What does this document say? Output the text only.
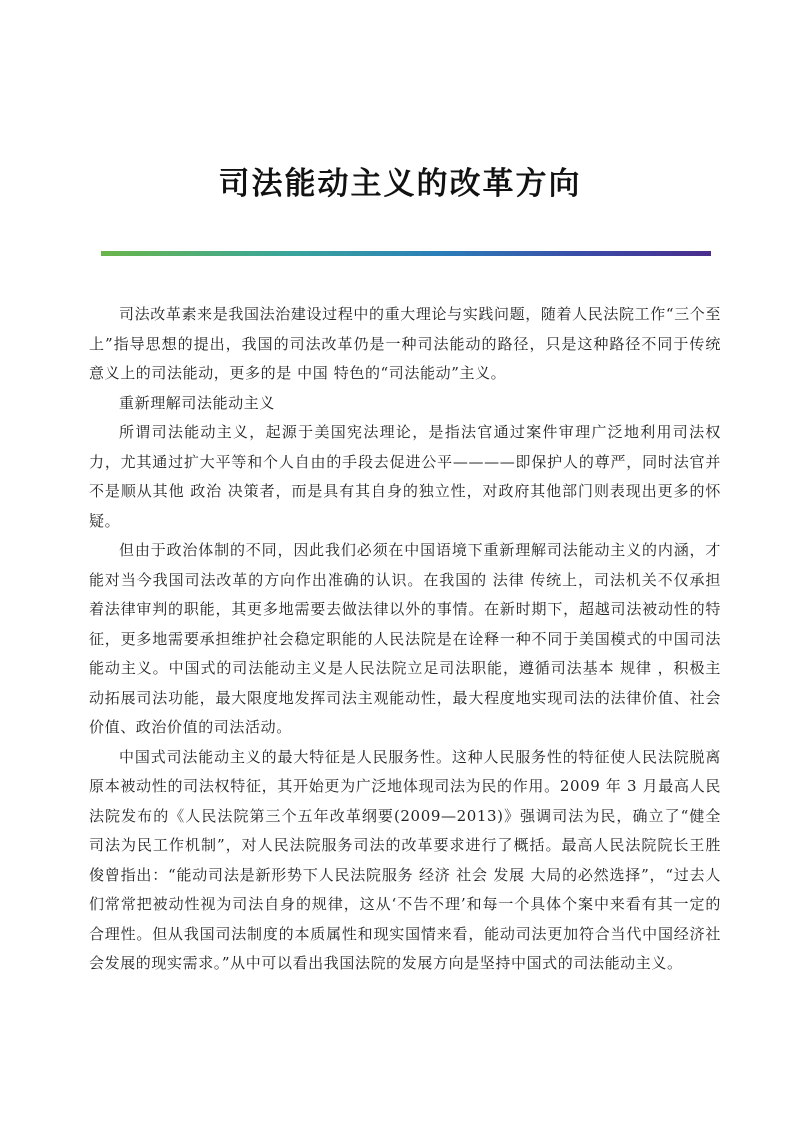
司法能动主义的改革方向

司法改革素来是我国法治建设过程中的重大理论与实践问题，随着人民法院工作“三个至上”指导思想的提出，我国的司法改革仍是一种司法能动的路径，只是这种路径不同于传统意义上的司法能动，更多的是 中国 特色的“司法能动”主义。

重新理解司法能动主义

所谓司法能动主义，起源于美国宪法理论，是指法官通过案件审理广泛地利用司法权力，尤其通过扩大平等和个人自由的手段去促进公平————即保护人的尊严，同时法官并不是顺从其他 政治 决策者，而是具有其自身的独立性，对政府其他部门则表现出更多的怀疑。

但由于政治体制的不同，因此我们必须在中国语境下重新理解司法能动主义的内涵，才能对当今我国司法改革的方向作出准确的认识。在我国的 法律 传统上，司法机关不仅承担着法律审判的职能，其更多地需要去做法律以外的事情。在新时期下，超越司法被动性的特征，更多地需要承担维护社会稳定职能的人民法院是在诠释一种不同于美国模式的中国司法能动主义。中国式的司法能动主义是人民法院立足司法职能，遵循司法基本 规律 ，积极主动拓展司法功能，最大限度地发挥司法主观能动性，最大程度地实现司法的法律价值、社会价值、政治价值的司法活动。

中国式司法能动主义的最大特征是人民服务性。这种人民服务性的特征使人民法院脱离原本被动性的司法权特征，其开始更为广泛地体现司法为民的作用。2009 年 3 月最高人民法院发布的《人民法院第三个五年改革纲要(2009—2013)》强调司法为民，确立了“健全司法为民工作机制”，对人民法院服务司法的改革要求进行了概括。最高人民法院院长王胜俊曾指出：“能动司法是新形势下人民法院服务 经济 社会 发展 大局的必然选择”，“过去人们常常把被动性视为司法自身的规律，这从‘不告不理’和每一个具体个案中来看有其一定的合理性。但从我国司法制度的本质属性和现实国情来看，能动司法更加符合当代中国经济社会发展的现实需求。”从中可以看出我国法院的发展方向是坚持中国式的司法能动主义。
